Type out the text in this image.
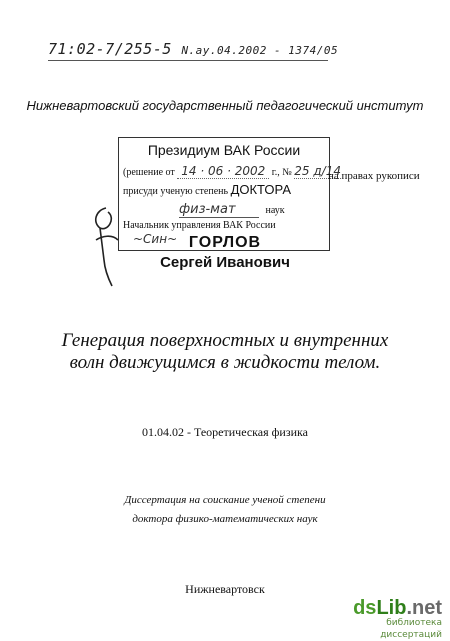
71:02-7/255-5 N.ay.04.2002 - 1374/05
Нижневартовский государственный педагогический институт
Президиум ВАК России
(решение от 14 · 06 · 2002 г., № 25 д/14
присуди ученую степень ДОКТОРА
физ-мат	наук
Начальник управления ВАК России
~Син~
на правах рукописи
ГОРЛОВ
Сергей Иванович
Генерация поверхностных и внутренних
волн движущимся в жидкости телом.
01.04.02 - Теоретическая физика
Диссертация на соискание ученой степени
доктора физико-математических наук
Нижневартовск
dsLib.net
библиотека диссертаций
